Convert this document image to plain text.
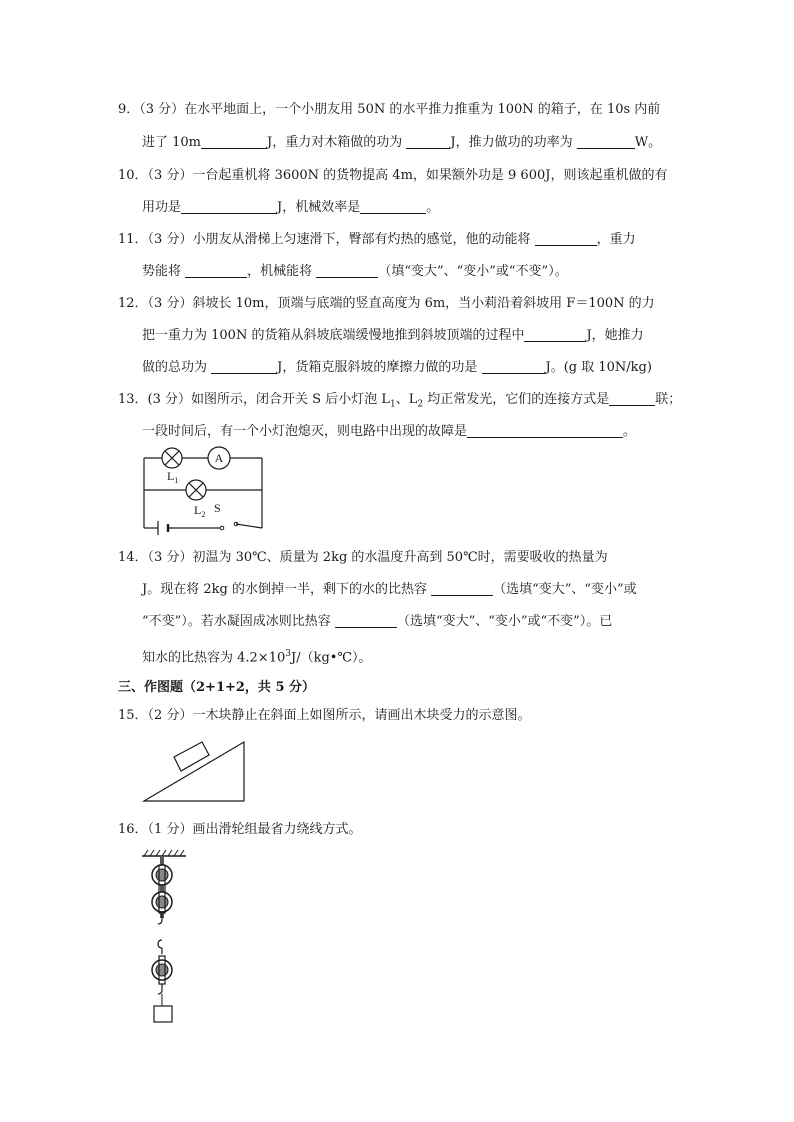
9．（3 分）在水平地面上，一个小朋友用 50N 的水平推力推重为 100N 的箱子，在 10s 内前
进了 10m	J，重力对木箱做的功为	J，推力做功的功率为	W。
10．（3 分）一台起重机将 3600N 的货物提高 4m，如果额外功是 9 600J，则该起重机做的有
用功是	J，机械效率是	。
11．（3 分）小朋友从滑梯上匀速滑下，臀部有灼热的感觉，他的动能将	，重力
势能将	，机械能将	（填“变大”、“变小”或“不变”）。
12．（3 分）斜坡长 10m，顶端与底端的竖直高度为 6m，当小莉沿着斜坡用 F＝100N 的力
把一重力为 100N 的货箱从斜坡底端缓慢地推到斜坡顶端的过程中	J，她推力
做的总功为	J，货箱克服斜坡的摩擦力做的功是	J。(g 取 10N/kg)
13．(3 分）如图所示，闭合开关 S 后小灯泡 $L_1$、$L_2$ 均正常发光，它们的连接方式是	联；
一段时间后，有一个小灯泡熄灭，则电路中出现的故障是	。
A
$L_1$
$L_2$ S
14．（3 分）初温为 30℃、质量为 2kg 的水温度升高到 50℃时，需要吸收的热量为
J。现在将 2kg 的水倒掉一半，剩下的水的比热容	（选填“变大”、“变小”或
“不变”）。若水凝固成冰则比热容	（选填“变大”、“变小”或“不变”）。已
知水的比热容为 $4.2\times 10^3J/(kg•℃)$。
三、作图题（2+1+2，共 5 分）
15．（2 分）一木块静止在斜面上如图所示，请画出木块受力的示意图。
16．（1 分）画出滑轮组最省力绕线方式。
